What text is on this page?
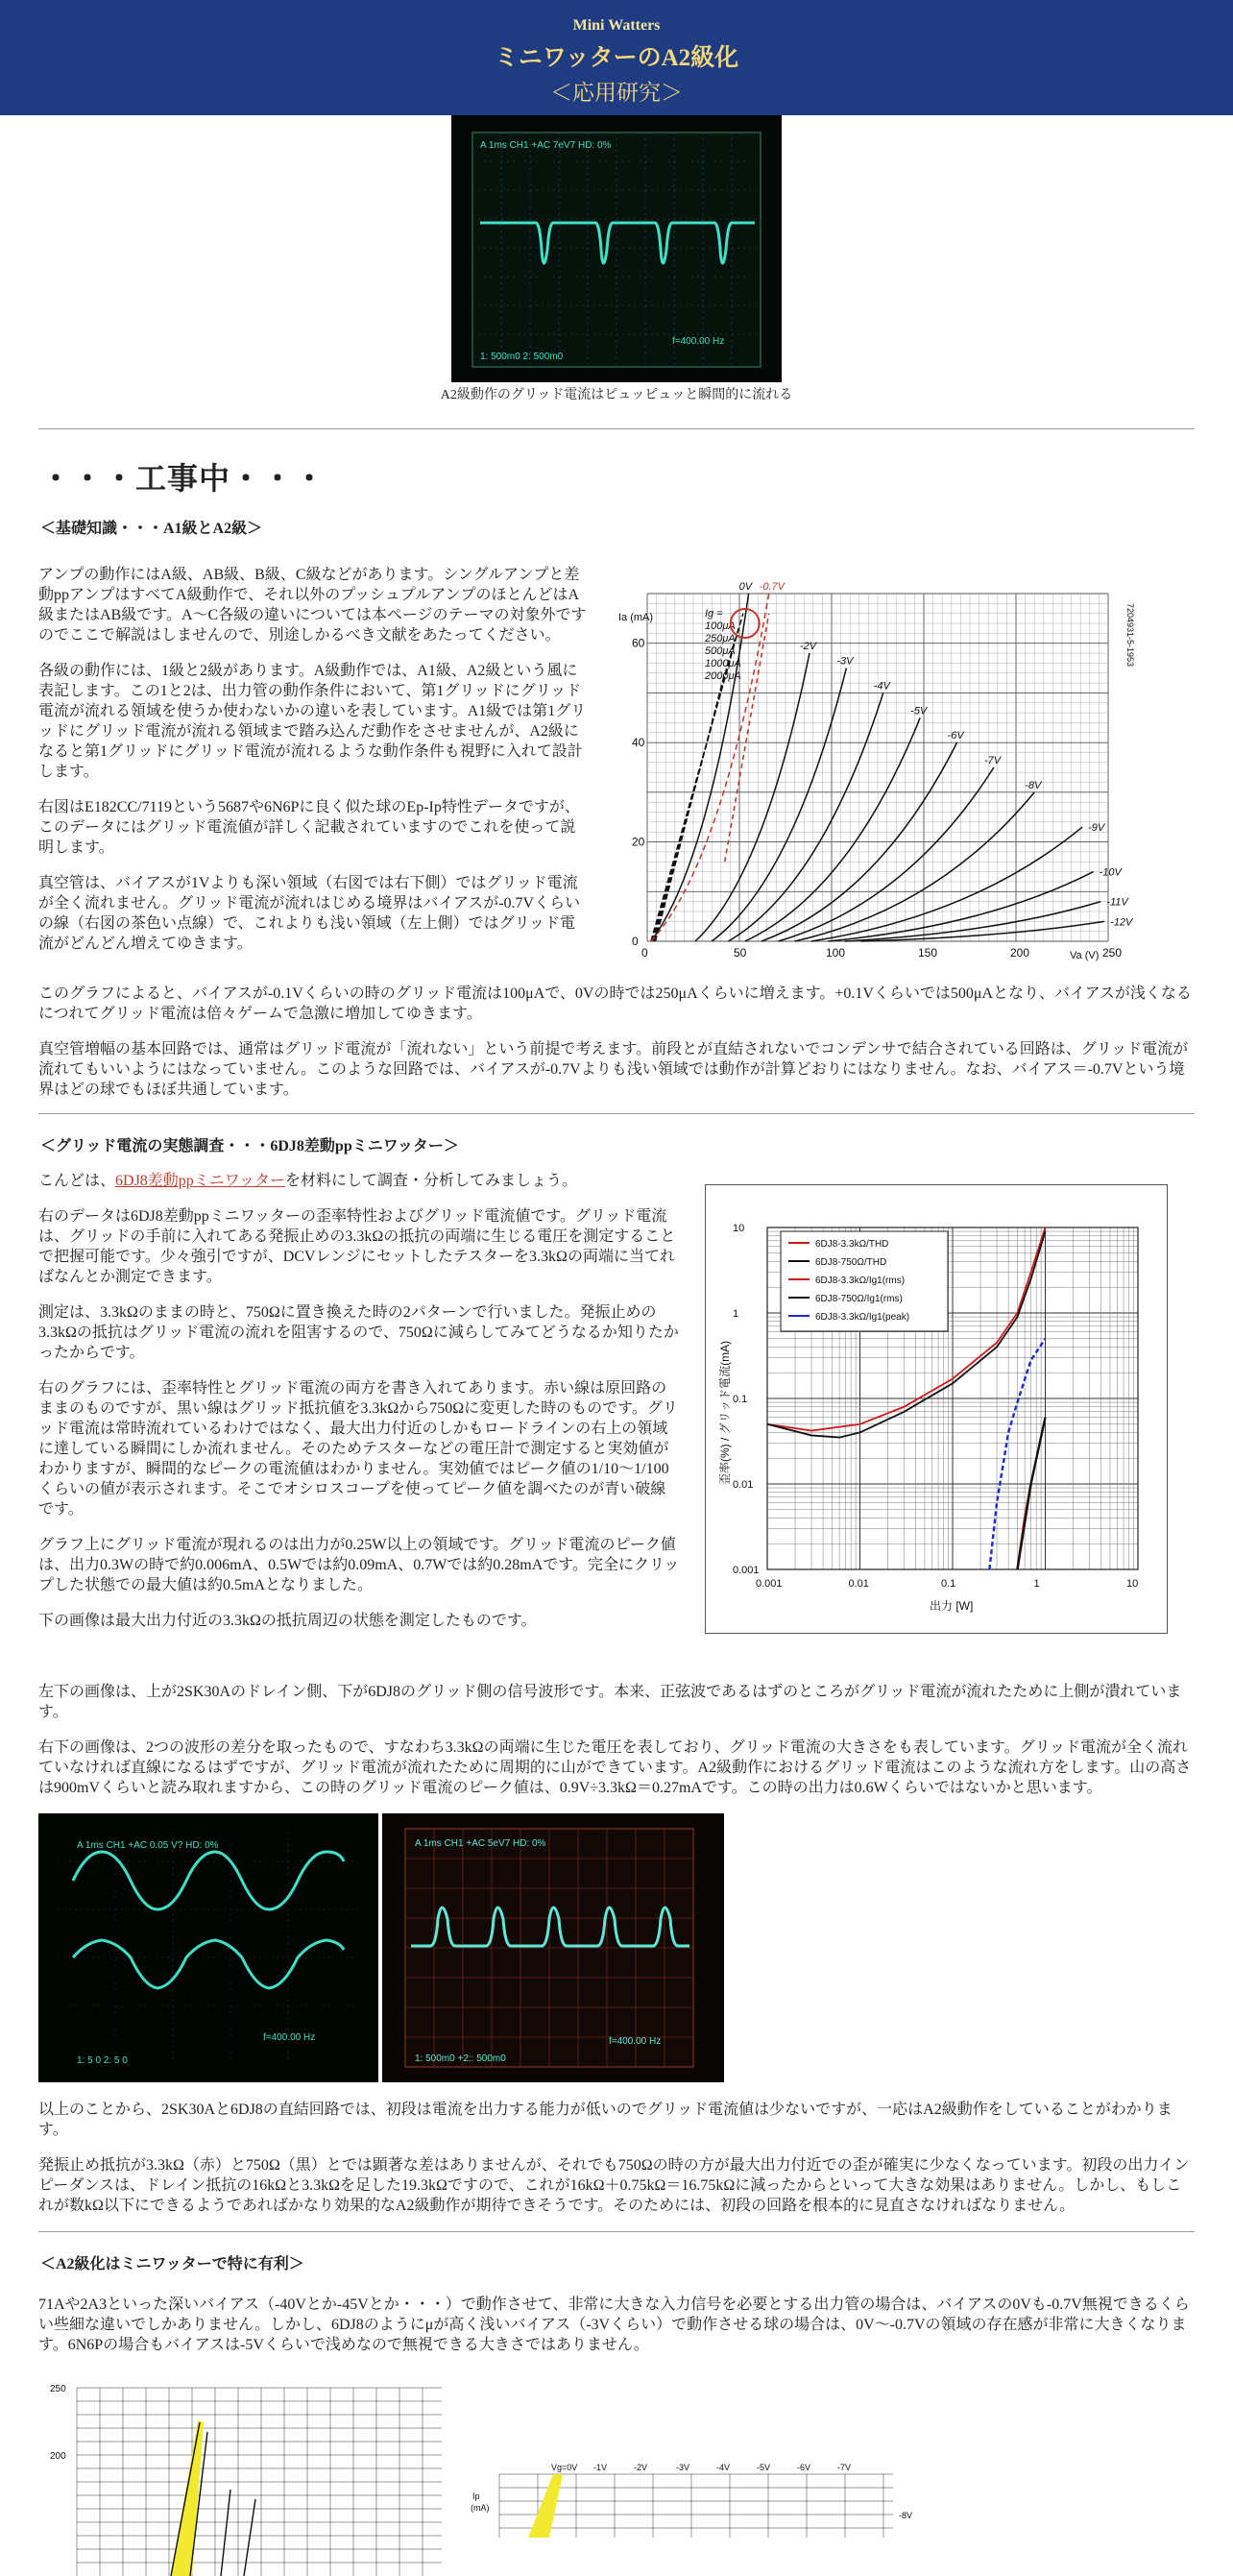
Mini Watters
ミニワッターのA2級化
＜応用研究＞
A 1ms CH1 +AC 7eV7 HD: 0%
1: 500m0 2: 500m0
f=400.00 Hz
A2級動作のグリッド電流はピュッピュッと瞬間的に流れる
・・・工事中・・・
＜基礎知識・・・A1級とA2級＞

アンプの動作にはA級、AB級、B級、C級などがあります。シングルアンプと差動ppアンプはすべてA級動作で、それ以外のプッシュプルアンプのほとんどはA級またはAB級です。A～C各級の違いについては本ページのテーマの対象外ですのでここで解説はしませんので、別途しかるべき文献をあたってください。

各級の動作には、1級と2級があります。A級動作では、A1級、A2級という風に表記します。この1と2は、出力管の動作条件において、第1グリッドにグリッド電流が流れる領域を使うか使わないかの違いを表しています。A1級では第1グリッドにグリッド電流が流れる領域まで踏み込んだ動作をさせませんが、A2級になると第1グリッドにグリッド電流が流れるような動作条件も視野に入れて設計します。

右図はE182CC/7119という5687や6N6Pに良く似た球のEp-Ip特性データですが、このデータにはグリッド電流値が詳しく記載されていますのでこれを使って説明します。

真空管は、バイアスが1Vよりも深い領域（右図では右下側）ではグリッド電流が全く流れません。グリッド電流が流れはじめる境界はバイアスが-0.7Vくらいの線（右図の茶色い点線）で、これよりも浅い領域（左上側）ではグリッド電流がどんどん増えてゆきます。

0	50	100	150	200	250
0
20
40
60
Va (V)
Ia (mA)	7204931-5-1953
Ig =
100μA
250μA
500μA
1000μA
2000μA
0V -0.7V
-2V
-3V
-4V
-5V
-6V
-7V
-8V
-9V
-10V
-11V
-12V

このグラフによると、バイアスが-0.1Vくらいの時のグリッド電流は100μAで、0Vの時では250μAくらいに増えます。+0.1Vくらいでは500μAとなり、バイアスが浅くなるにつれてグリッド電流は倍々ゲームで急激に増加してゆきます。

真空管増幅の基本回路では、通常はグリッド電流が「流れない」という前提で考えます。前段とが直結されないでコンデンサで結合されている回路は、グリッド電流が流れてもいいようにはなっていません。このような回路では、バイアスが-0.7Vよりも浅い領域では動作が計算どおりにはなりません。なお、バイアス＝-0.7Vという境界はどの球でもほぼ共通しています。

＜グリッド電流の実態調査・・・6DJ8差動ppミニワッター＞

こんどは、6DJ8差動ppミニワッターを材料にして調査・分析してみましょう。

右のデータは6DJ8差動ppミニワッターの歪率特性およびグリッド電流値です。グリッド電流は、グリッドの手前に入れてある発振止めの3.3kΩの抵抗の両端に生じる電圧を測定することで把握可能です。少々強引ですが、DCVレンジにセットしたテスターを3.3kΩの両端に当てればなんとか測定できます。

測定は、3.3kΩのままの時と、750Ωに置き換えた時の2パターンで行いました。発振止めの3.3kΩの抵抗はグリッド電流の流れを阻害するので、750Ωに減らしてみてどうなるか知りたかったからです。

右のグラフには、歪率特性とグリッド電流の両方を書き入れてあります。赤い線は原回路のままのものですが、黒い線はグリッド抵抗値を3.3kΩから750Ωに変更した時のものです。グリッド電流は常時流れているわけではなく、最大出力付近のしかもロードラインの右上の領域に達している瞬間にしか流れません。そのためテスターなどの電圧計で測定すると実効値がわかりますが、瞬間的なピークの電流値はわかりません。実効値ではピーク値の1/10～1/100くらいの値が表示されます。そこでオシロスコープを使ってピーク値を調べたのが青い破線です。

グラフ上にグリッド電流が現れるのは出力が0.25W以上の領域です。グリッド電流のピーク値は、出力0.3Wの時で約0.006mA、0.5Wでは約0.09mA、0.7Wでは約0.28mAです。完全にクリップした状態での最大値は約0.5mAとなりました。

下の画像は最大出力付近の3.3kΩの抵抗周辺の状態を測定したものです。

0.001	0.01	0.1	1	10
0.001
0.01
0.1
1
10
出力 [W]
歪率(%) / グリッド電流(mA)
6DJ8-3.3kΩ/THD
6DJ8-750Ω/THD
6DJ8-3.3kΩ/Ig1(rms)
6DJ8-750Ω/Ig1(rms)
6DJ8-3.3kΩ/Ig1(peak)

左下の画像は、上が2SK30Aのドレイン側、下が6DJ8のグリッド側の信号波形です。本来、正弦波であるはずのところがグリッド電流が流れたために上側が潰れています。

右下の画像は、2つの波形の差分を取ったもので、すなわち3.3kΩの両端に生じた電圧を表しており、グリッド電流の大きさをも表しています。グリッド電流が全く流れていなければ直線になるはずですが、グリッド電流が流れたために周期的に山ができています。A2級動作におけるグリッド電流はこのような流れ方をします。山の高さは900mVくらいと読み取れますから、この時のグリッド電流のピーク値は、0.9V÷3.3kΩ＝0.27mAです。この時の出力は0.6Wくらいではないかと思います。

A 1ms CH1 +AC 0.05 V? HD: 0%
1: 5 0 2: 5 0
f=400.00 Hz
A 1ms CH1 +AC 5eV7 HD: 0%
1: 500m0 +2:: 500m0
f=400.00 Hz

以上のことから、2SK30Aと6DJ8の直結回路では、初段は電流を出力する能力が低いのでグリッド電流値は少ないですが、一応はA2級動作をしていることがわかります。

発振止め抵抗が3.3kΩ（赤）と750Ω（黒）とでは顕著な差はありませんが、それでも750Ωの時の方が最大出力付近での歪が確実に少なくなっています。初段の出力インピーダンスは、ドレイン抵抗の16kΩと3.3kΩを足した19.3kΩですので、これが16kΩ＋0.75kΩ＝16.75kΩに減ったからといって大きな効果はありません。しかし、もしこれが数kΩ以下にできるようであればかなり効果的なA2級動作が期待できそうです。そのためには、初段の回路を根本的に見直さなければなりません。

＜A2級化はミニワッターで特に有利＞

71Aや2A3といった深いバイアス（-40Vとか-45Vとか・・・）で動作させて、非常に大きな入力信号を必要とする出力管の場合は、バイアスの0Vも-0.7V無視できるくらい些細な違いでしかありません。しかし、6DJ8のようにμが高く浅いバイアス（-3Vくらい）で動作させる球の場合は、0V～-0.7Vの領域の存在感が非常に大きくなります。6N6Pの場合もバイアスは-5Vくらいで浅めなので無視できる大きさではありません。

250
200
Vg=0V -1V	-2V	-3V	-4V	-5V	-6V	-7V
-8V
Ip
(mA)
